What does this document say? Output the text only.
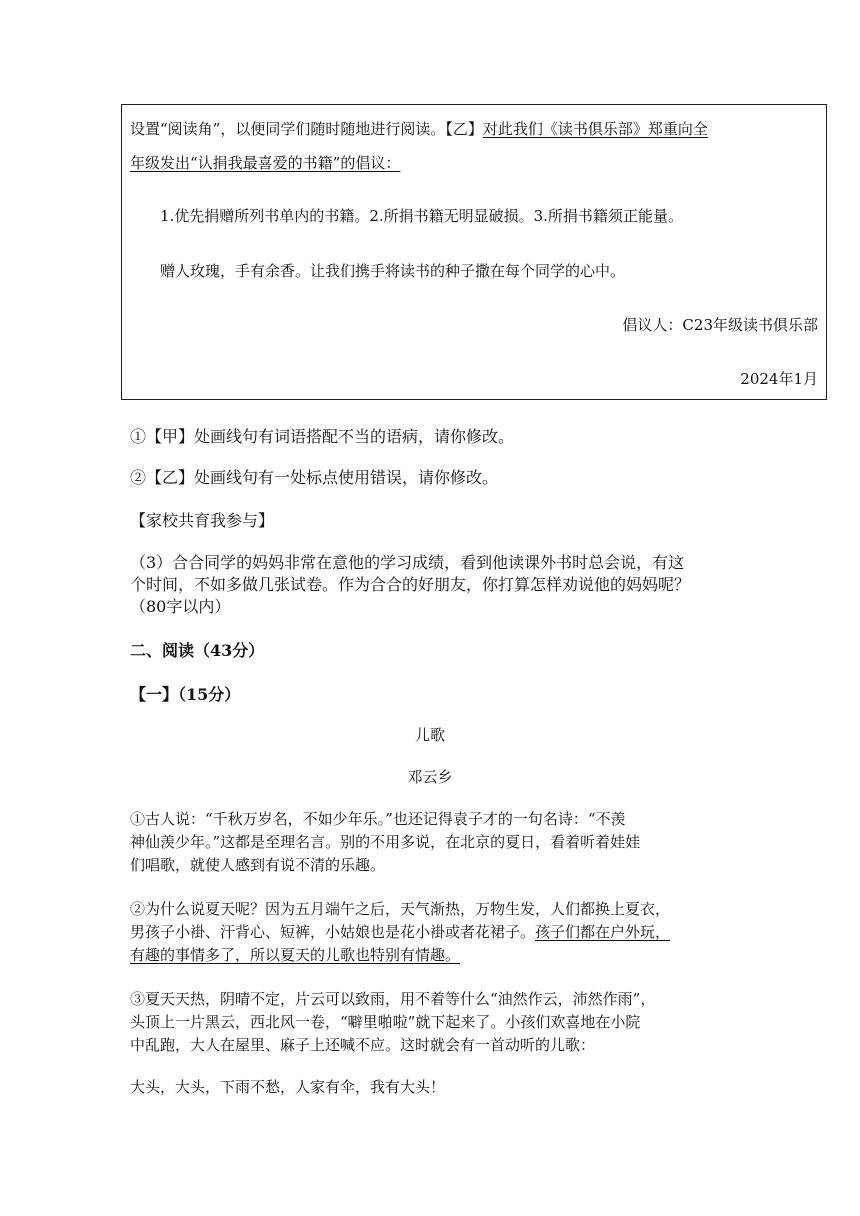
设置“阅读角”，以便同学们随时随地进行阅读。【乙】对此我们《读书俱乐部》郑重向全
年级发出“认捐我最喜爱的书籍”的倡议：
1.优先捐赠所列书单内的书籍。2.所捐书籍无明显破损。3.所捐书籍须正能量。
赠人玫瑰，手有余香。让我们携手将读书的种子撒在每个同学的心中。
倡议人：C23年级读书俱乐部
2024年1月
①【甲】处画线句有词语搭配不当的语病，请你修改。
②【乙】处画线句有一处标点使用错误，请你修改。
【家校共育我参与】
（3）合合同学的妈妈非常在意他的学习成绩，看到他读课外书时总会说，有这
个时间，不如多做几张试卷。作为合合的好朋友，你打算怎样劝说他的妈妈呢？
（80字以内）
二、阅读（43分）
【一】（15分）
儿歌
邓云乡
①古人说：“千秋万岁名，不如少年乐。”也还记得袁子才的一句名诗：“不羡
神仙羡少年。”这都是至理名言。别的不用多说，在北京的夏日，看着听着娃娃
们唱歌，就使人感到有说不清的乐趣。
②为什么说夏天呢？因为五月端午之后，天气渐热，万物生发，人们都换上夏衣，
男孩子小褂、汗背心、短裤，小姑娘也是花小褂或者花裙子。孩子们都在户外玩，
有趣的事情多了，所以夏天的儿歌也特别有情趣。
③夏天天热，阴晴不定，片云可以致雨，用不着等什么“油然作云，沛然作雨”，
头顶上一片黑云，西北风一卷，“噼里啪啦”就下起来了。小孩们欢喜地在小院
中乱跑，大人在屋里、麻子上还喊不应。这时就会有一首动听的儿歌：
大头，大头，下雨不愁，人家有伞，我有大头！
